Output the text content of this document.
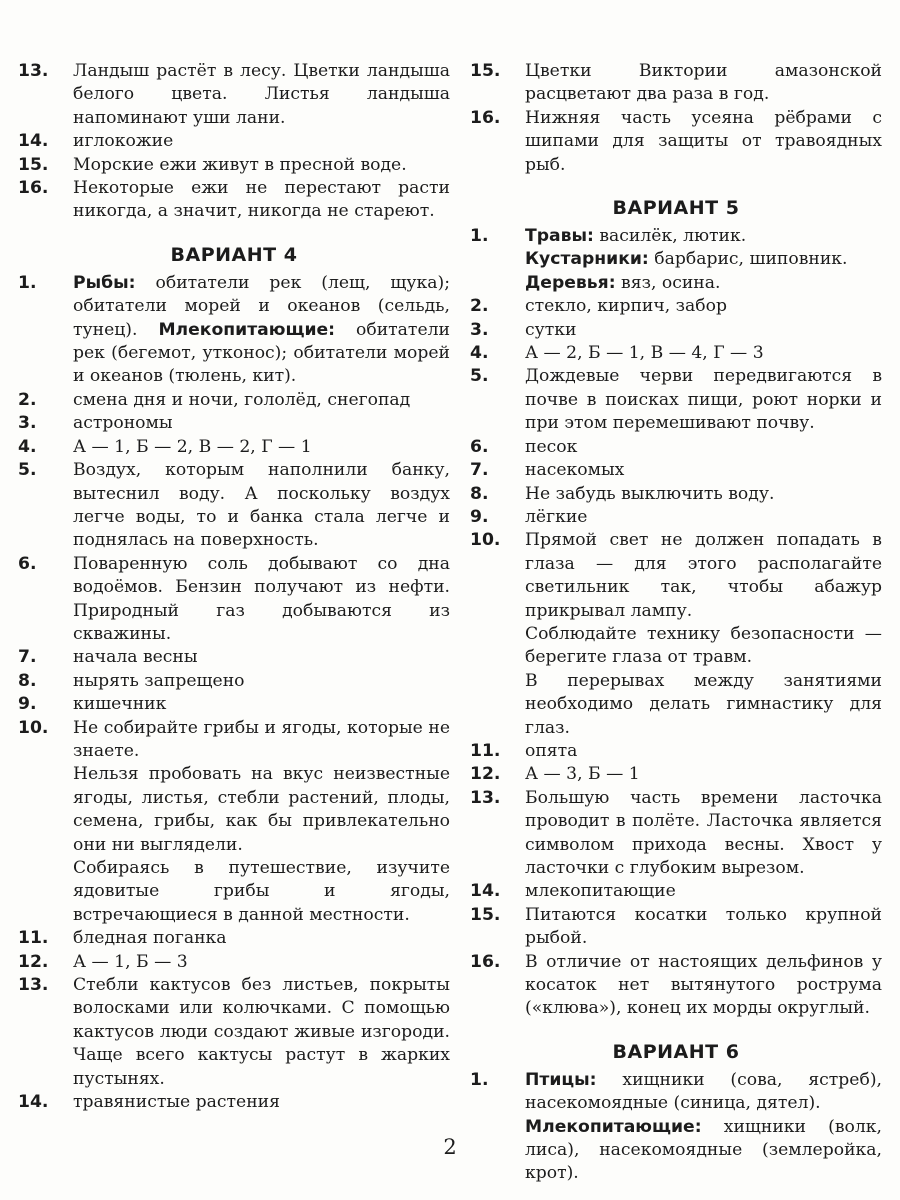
13.	Ландыш растёт в лесу. Цветки ландыша белого цвета. Листья ландыша напоминают уши лани.

14.	иглокожие

15.	Морские ежи живут в пресной воде.

16.	Некоторые ежи не перестают расти никогда, а значит, никогда не стареют.

ВАРИАНТ 4
1.	Рыбы: обитатели рек (лещ, щука); обитатели морей и океанов (сельдь, тунец). Млекопитающие: обитатели рек (бегемот, утконос); обитатели морей и океанов (тюлень, кит).
2.	смена дня и ночи, гололёд, снегопад

3.	астрономы

4.	А — 1, Б — 2, В — 2, Г — 1

5.	Воздух, которым наполнили банку, вытеснил воду. А поскольку воздух легче воды, то и банка стала легче и поднялась на поверхность.

6.	Поваренную соль добывают со дна водоёмов. Бензин получают из нефти. Природный газ добываются из скважины.

7.	начала весны

8.	нырять запрещено

9.	кишечник

10.	Не собирайте грибы и ягоды, которые не знаете.

Нельзя пробовать на вкус неизвестные ягоды, листья, стебли растений, плоды, семена, грибы, как бы привлекательно они ни выглядели.

Собираясь в путешествие, изучите ядовитые грибы и ягоды, встречающиеся в данной местности.

11.	бледная поганка

12.	А — 1, Б — 3

13.	Стебли кактусов без листьев, покрыты волосками или колючками. С помощью кактусов люди создают живые изгороди. Чаще всего кактусы растут в жарких пустынях.

14.	травянистые растения

15.	Цветки Виктории амазонской расцветают два раза в год.

16.	Нижняя часть усеяна рёбрами с шипами для защиты от травоядных рыб.

ВАРИАНТ 5
1.	Травы: василёк, лютик.

Кустарники: барбарис, шиповник.

Деревья: вяз, осина.

2.	стекло, кирпич, забор

3.	сутки

4.	А — 2, Б — 1, В — 4, Г — 3

5.	Дождевые черви передвигаются в почве в поисках пищи, роют норки и при этом перемешивают почву.

6.	песок

7.	насекомых

8.	Не забудь выключить воду.

9.	лёгкие

10.	Прямой свет не должен попадать в глаза — для этого располагайте светильник так, чтобы абажур прикрывал лампу.

Соблюдайте технику безопасности — берегите глаза от травм.

В перерывах между занятиями необходимо делать гимнастику для глаз.

11.	опята

12.	А — 3, Б — 1

13.	Большую часть времени ласточка проводит в полёте. Ласточка является символом прихода весны. Хвост у ласточки с глубоким вырезом.

14.	млекопитающие

15.	Питаются косатки только крупной рыбой.

16.	В отличие от настоящих дельфинов у косаток нет вытянутого рострума («клюва»), конец их морды округлый.

ВАРИАНТ 6
1.	Птицы: хищники (сова, ястреб), насекомоядные (синица, дятел).

Млекопитающие: хищники (волк, лиса), насекомоядные (землеройка, крот).

2
